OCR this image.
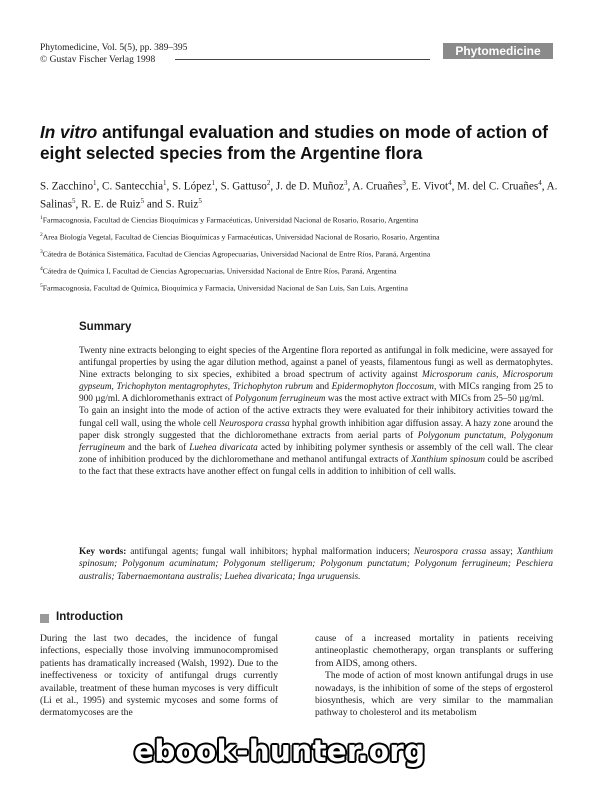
Phytomedicine, Vol. 5(5), pp. 389–395
© Gustav Fischer Verlag 1998
Phytomedicine
In vitro antifungal evaluation and studies on mode of action of eight selected species from the Argentine flora
S. Zacchino$^1$, C. Santecchia$^1$, S. López$^1$, S. Gattuso$^2$, J. de D. Muñoz$^3$, A. Cruañes$^3$, E. Vivot$^4$, M. del C. Cruañes$^4$, A. Salinas$^5$, R. E. de Ruiz$^5$ and S. Ruiz$^5$

$^1$Farmacognosia, Facultad de Ciencias Bioquímicas y Farmacéuticas, Universidad Nacional de Rosario, Rosario, Argentina

$^2$Area Biología Vegetal, Facultad de Ciencias Bioquímicas y Farmacéuticas, Universidad Nacional de Rosario, Rosario, Argentina

$^3$Cátedra de Botánica Sistemática, Facultad de Ciencias Agropecuarias, Universidad Nacional de Entre Ríos, Paraná, Argentina

$^4$Cátedra de Química I, Facultad de Ciencias Agropecuarias, Universidad Nacional de Entre Ríos, Paraná, Argentina

$^5$Farmacognosia, Facultad de Química, Bioquímica y Farmacia, Universidad Nacional de San Luis, San Luis, Argentina

Summary

Twenty nine extracts belonging to eight species of the Argentine flora reported as antifungal in folk medicine, were assayed for antifungal properties by using the agar dilution method, against a panel of yeasts, filamentous fungi as well as dermatophytes. Nine extracts belonging to six species, exhibited a broad spectrum of activity against Microsporum canis, Microsporum gypseum, Trichophyton mentagrophytes, Trichophyton rubrum and Epidermophyton floccosum, with MICs ranging from 25 to 900 µg/ml. A dichloromethanis extract of Polygonum ferrugineum was the most active extract with MICs from 25–50 µg/ml.

To gain an insight into the mode of action of the active extracts they were evaluated for their inhibitory activities toward the fungal cell wall, using the whole cell Neurospora crassa hyphal growth inhibition agar diffusion assay. A hazy zone around the paper disk strongly suggested that the dichloromethane extracts from aerial parts of Polygonum punctatum, Polygonum ferrugineum and the bark of Luehea divaricata acted by inhibiting polymer synthesis or assembly of the cell wall. The clear zone of inhibition produced by the dichloromethane and methanol antifungal extracts of Xanthium spinosum could be ascribed to the fact that these extracts have another effect on fungal cells in addition to inhibition of cell walls.

Key words: antifungal agents; fungal wall inhibitors; hyphal malformation inducers; Neurospora crassa assay; Xanthium spinosum; Polygonum acuminatum; Polygonum stelligerum; Polygonum punctatum; Polygonum ferrugineum; Peschiera australis; Tabernaemontana australis; Luehea divaricata; Inga uruguensis.
Introduction

During the last two decades, the incidence of fungal infections, especially those involving immunocompromised patients has dramatically increased (Walsh, 1992). Due to the ineffectiveness or toxicity of antifungal drugs currently available, treatment of these human mycoses is very difficult (Li et al., 1995) and systemic mycoses and some forms of dermatomycoses are the

cause of a increased mortality in patients receiving antineoplastic chemotherapy, organ transplants or suffering from AIDS, among others.

The mode of action of most known antifungal drugs in use nowadays, is the inhibition of some of the steps of ergosterol biosynthesis, which are very similar to the mammalian pathway to cholesterol and its metabolism

ebook-hunter.org
